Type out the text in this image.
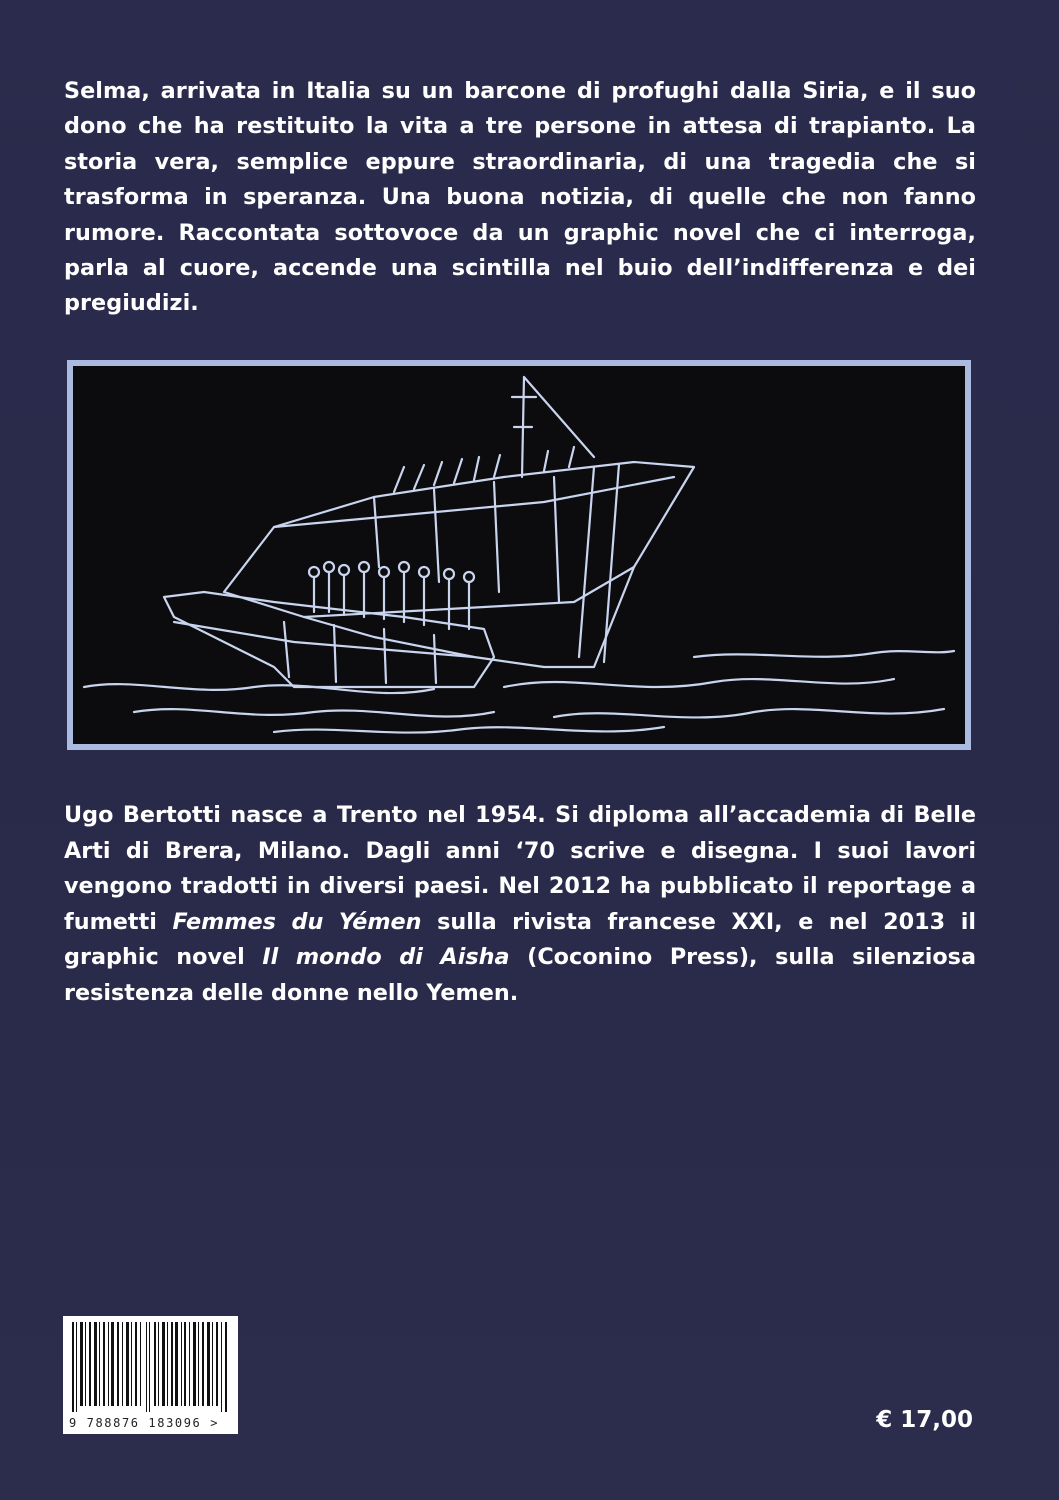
Selma, arrivata in Italia su un barcone di profughi dalla Siria, e il suo dono che ha restituito la vita a tre persone in attesa di trapianto. La storia vera, semplice eppure straordinaria, di una tragedia che si trasforma in speranza. Una buona notizia, di quelle che non fanno rumore. Raccontata sottovoce da un graphic novel che ci interroga, parla al cuore, accende una scintilla nel buio dell’indifferenza e dei pregiudizi.
Ugo Bertotti nasce a Trento nel 1954. Si diploma all’accademia di Belle Arti di Brera, Milano. Dagli anni ‘70 scrive e disegna. I suoi lavori vengono tradotti in diversi paesi. Nel 2012 ha pubblicato il reportage a fumetti Femmes du Yémen sulla rivista francese XXI, e nel 2013 il graphic novel Il mondo di Aisha (Coconino Press), sulla silenziosa resistenza delle donne nello Yemen.
9 788876 183096 >	€ 17,00
